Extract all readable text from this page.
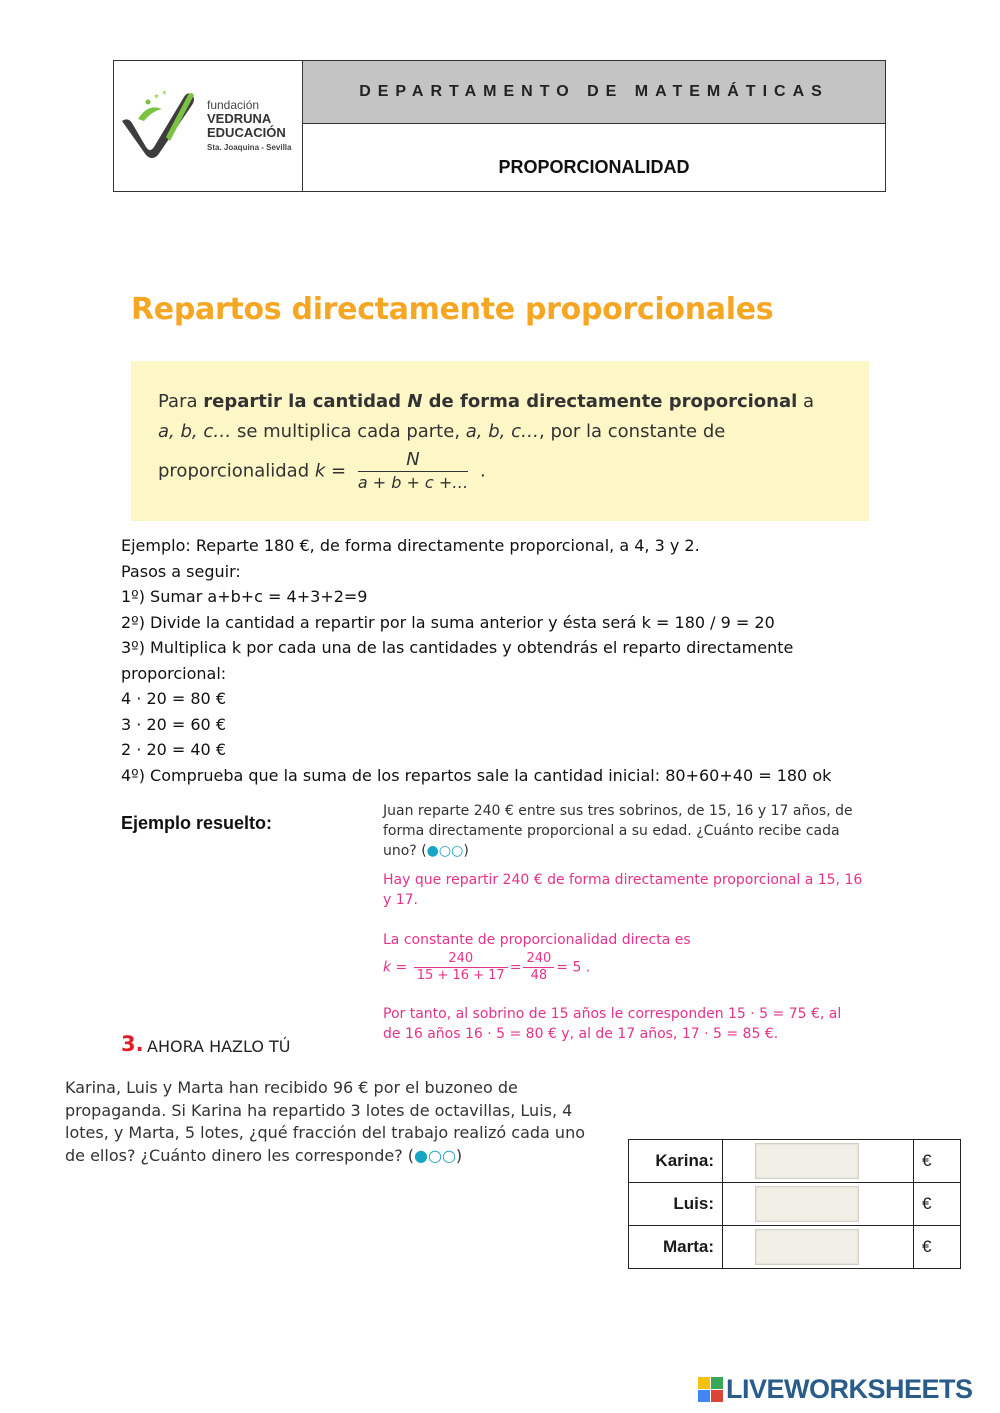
* *
fundación
VEDRUNA
EDUCACIÓN
Sta. Joaquina - Sevilla
DEPARTAMENTO DE MATEMÁTICAS
PROPORCIONALIDAD
Repartos directamente proporcionales
Para repartir la cantidad N de forma directamente proporcional a
a, b, c… se multiplica cada parte, a, b, c…, por la constante de
proporcionalidad $k = \frac{N}{a + b + c +\dots}$ .
Ejemplo: Reparte 180 €, de forma directamente proporcional, a 4, 3 y 2.
Pasos a seguir:
1º) Sumar a+b+c = 4+3+2=9
2º) Divide la cantidad a repartir por la suma anterior y ésta será k = 180 / 9 = 20
3º) Multiplica k por cada una de las cantidades y obtendrás el reparto directamente
proporcional:
4 · 20 = 80 €
3 · 20 = 60 €
2 · 20 = 40 €
4º) Comprueba que la suma de los repartos sale la cantidad inicial: 80+60+40 = 180 ok
Ejemplo resuelto:
Juan reparte 240 € entre sus tres sobrinos, de 15, 16 y 17 años, de forma directamente proporcional a su edad. ¿Cuánto recibe cada uno? (●○○)
Hay que repartir 240 € de forma directamente proporcional a 15, 16 y 17.
La constante de proporcionalidad directa es
$k = \frac{240}{15 + 16 + 17} = \frac{240}{48} = 5$ .
Por tanto, al sobrino de 15 años le corresponden 15 · 5 = 75 €, al de 16 años 16 · 5 = 80 € y, al de 17 años, 17 · 5 = 85 €.
3. AHORA HAZLO TÚ
Karina, Luis y Marta han recibido 96 € por el buzoneo de propaganda. Si Karina ha repartido 3 lotes de octavillas, Luis, 4 lotes, y Marta, 5 lotes, ¿qué fracción del trabajo realizó cada uno de ellos? ¿Cuánto dinero les corresponde? (●○○)	Karina:		€
Luis:		€
Marta:		€
LIVEWORKSHEETS
